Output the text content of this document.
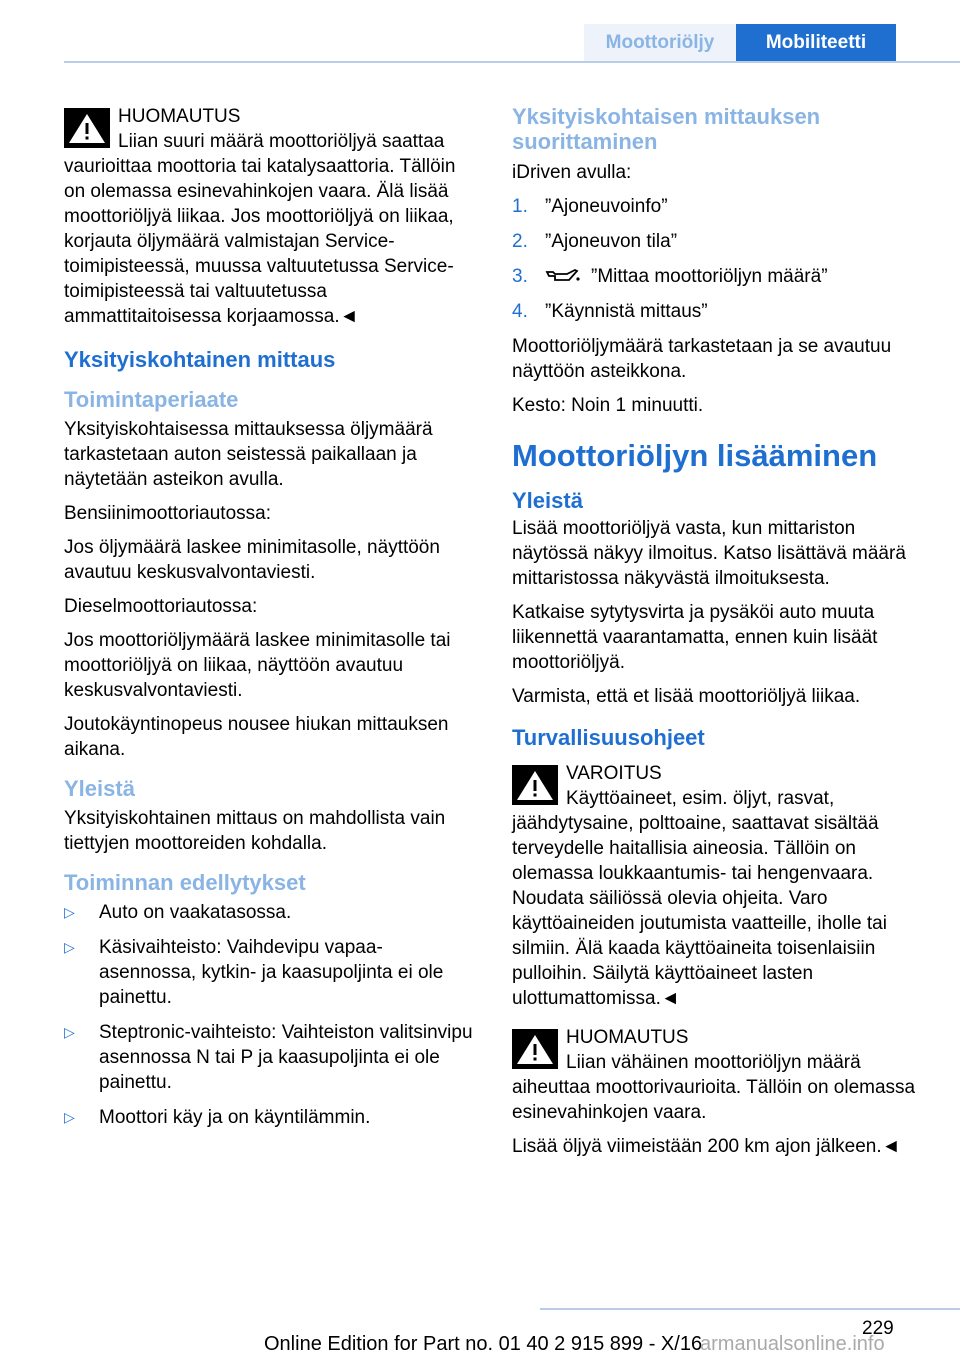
Moottoriöljy	Mobiliteetti
HUOMAUTUS
Liian suuri määrä moottoriöljyä saattaa vaurioittaa moottoria tai katalysaattoria. Tällöin on olemassa esinevahinkojen vaara. Älä lisää moottoriöljyä liikaa. Jos moottoriöljyä on liikaa, korjauta öljymäärä valmistajan Service-toimipisteessä, muussa valtuutetussa Service-toimipisteessä tai valtuutetussa ammattitaitoisessa korjaamossa.◄
Yksityiskohtainen mittaus
Toimintaperiaate

Yksityiskohtaisessa mittauksessa öljymäärä tarkastetaan auton seistessä paikallaan ja näytetään asteikon avulla.

Bensiinimoottoriautossa:

Jos öljymäärä laskee minimitasolle, näyttöön avautuu keskusvalvontaviesti.

Dieselmoottoriautossa:

Jos moottoriöljymäärä laskee minimitasolle tai moottoriöljyä on liikaa, näyttöön avautuu keskusvalvontaviesti.

Joutokäyntinopeus nousee hiukan mittauksen aikana.

Yleistä

Yksityiskohtainen mittaus on mahdollista vain tiettyjen moottoreiden kohdalla.

Toiminnan edellytykset
▷ Auto on vaakatasossa.
▷ Käsivaihteisto: Vaihdevipu vapaa-asennossa, kytkin- ja kaasupoljinta ei ole painettu.
▷ Steptronic-vaihteisto: Vaihteiston valitsinvipu asennossa N tai P ja kaasupoljinta ei ole painettu.
▷ Moottori käy ja on käyntilämmin.
Yksityiskohtaisen mittauksen suorittaminen

iDriven avulla:

1. ”Ajoneuvoinfo”
2. ”Ajoneuvon tila”
3.	”Mittaa moottoriöljyn määrä”
4. ”Käynnistä mittaus”

Moottoriöljymäärä tarkastetaan ja se avautuu näyttöön asteikkona.

Kesto: Noin 1 minuutti.

Moottoriöljyn lisääminen
Yleistä

Lisää moottoriöljyä vasta, kun mittariston näytössä näkyy ilmoitus. Katso lisättävä määrä mittaristossa näkyvästä ilmoituksesta.

Katkaise sytytysvirta ja pysäköi auto muuta liikennettä vaarantamatta, ennen kuin lisäät moottoriöljyä.

Varmista, että et lisää moottoriöljyä liikaa.

Turvallisuusohjeet
VAROITUS
Käyttöaineet, esim. öljyt, rasvat, jäähdytysaine, polttoaine, saattavat sisältää terveydelle haitallisia aineosia. Tällöin on olemassa loukkaantumis- tai hengenvaara. Noudata säiliössä olevia ohjeita. Varo käyttöaineiden joutumista vaatteille, iholle tai silmiin. Älä kaada käyttöaineita toisenlaisiin pulloihin. Säilytä käyttöaineet lasten ulottumattomissa.◄
HUOMAUTUS
Liian vähäinen moottoriöljyn määrä aiheuttaa moottorivaurioita. Tällöin on olemassa esinevahinkojen vaara.

Lisää öljyä viimeistään 200 km ajon jälkeen.◄

229
Online Edition for Part no. 01 40 2 915 899 - X/16
armanualsonline.info
